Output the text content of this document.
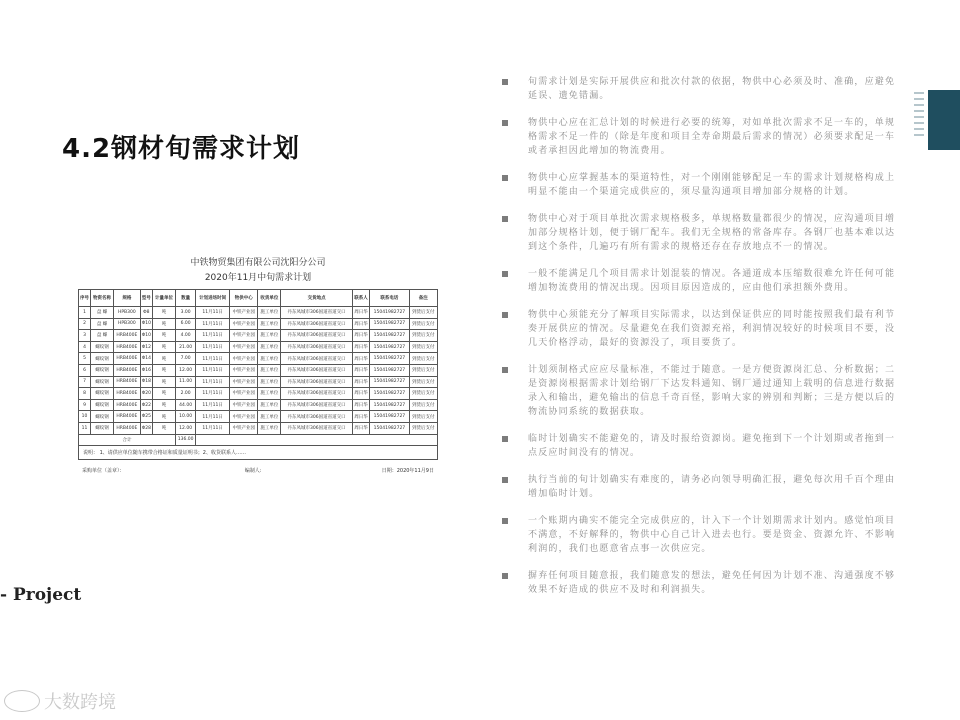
4.2钢材旬需求计划

中铁物贸集团有限公司沈阳分公司

2020年11月中旬需求计划

序号	物资名称	规格	型号	计量单位	数量	计划进场时间	物供中心	收货单位	交货地点	联系人	联系电话	备注
1	盘 螺	HPB300	Φ8	吨	3.00	11月11日	中铁产业园	施工单位	丹东凤城市306国道省道交口	周日华	15041982727	到货后支付
2	盘 螺	HPB300	Φ10	吨	6.00	11月11日	中铁产业园	施工单位	丹东凤城市306国道省道交口	周日华	15041982727	到货后支付
3	盘 螺	HRB400E	Φ10	吨	4.00	11月11日	中铁产业园	施工单位	丹东凤城市306国道省道交口	周日华	15041982727	到货后支付
4	螺纹钢	HRB400E	Φ12	吨	21.00	11月11日	中铁产业园	施工单位	丹东凤城市306国道省道交口	周日华	15041982727	到货后支付
5	螺纹钢	HRB400E	Φ14	吨	7.00	11月11日	中铁产业园	施工单位	丹东凤城市306国道省道交口	周日华	15041982727	到货后支付
6	螺纹钢	HRB400E	Φ16	吨	12.00	11月11日	中铁产业园	施工单位	丹东凤城市306国道省道交口	周日华	15041982727	到货后支付
7	螺纹钢	HRB400E	Φ18	吨	11.00	11月11日	中铁产业园	施工单位	丹东凤城市306国道省道交口	周日华	15041982727	到货后支付
8	螺纹钢	HRB400E	Φ20	吨	2.00	11月11日	中铁产业园	施工单位	丹东凤城市306国道省道交口	周日华	15041982727	到货后支付
9	螺纹钢	HRB400E	Φ22	吨	44.00	11月11日	中铁产业园	施工单位	丹东凤城市306国道省道交口	周日华	15041982727	到货后支付
10	螺纹钢	HRB400E	Φ25	吨	10.00	11月11日	中铁产业园	施工单位	丹东凤城市306国道省道交口	周日华	15041982727	到货后支付
11	螺纹钢	HRB400E	Φ28	吨	12.00	11月11日	中铁产业园	施工单位	丹东凤城市306国道省道交口	周日华	15041982727	到货后支付
合计					136.00							
说明： 1、请供应单位随车携带合格证和质量证明书；2、收货联系人……
采购单位（盖章）：	编制人:	日期：2020年11月9日
旬需求计划是实际开展供应和批次付款的依据，物供中心必须及时、准确，应避免延误、遗免错漏。
物供中心应在汇总计划的时候进行必要的统筹，对如单批次需求不足一车的，单规格需求不足一件的（除是年度和项目全寿命期最后需求的情况）必须要求配足一车或者承担因此增加的物流费用。
物供中心应掌握基本的渠道特性，对一个刚刚能够配足一车的需求计划规格构成上明显不能由一个渠道完成供应的，须尽量沟通项目增加部分规格的计划。
物供中心对于项目单批次需求规格极多，单规格数量都很少的情况，应沟通项目增加部分规格计划，便于钢厂配车。我们无全规格的常备库存。各钢厂也基本难以达到这个条件，几遍巧有所有需求的规格还存在存放地点不一的情况。
一般不能满足几个项目需求计划混装的情况。各通道成本压缩数很难允许任何可能增加物流费用的情况出现。因项目原因造成的，应由他们承担额外费用。
物供中心须能充分了解项目实际需求，以达到保证供应的同时能按照我们最有利节奏开展供应的情况。尽量避免在我们资源充裕，利润情况较好的时候项目不要，没几天价格浮动，最好的资源没了，项目要货了。
计划须制格式应应尽量标准，不能过于随意。一是方便资源岗汇总、分析数据；二是资源岗根据需求计划给钢厂下达发料通知、钢厂通过通知上载明的信息进行数据录入和输出，避免输出的信息千奇百怪，影响大家的辨别和判断；三是方便以后的物流协同系统的数据获取。
临时计划确实不能避免的，请及时报给资源岗。避免拖到下一个计划期或者拖到一点反应时间没有的情况。
执行当前的旬计划确实有难度的，请务必向领导明确汇报，避免每次用千百个理由增加临时计划。
一个账期内确实不能完全完成供应的，计入下一个计划期需求计划内。感觉怕项目不满意，不好解释的，物供中心自己计入进去也行。要是资金、资源允许、不影响利润的，我们也愿意省点事一次供应完。
摒弃任何项目随意报，我们随意发的想法，避免任何因为计划不准、沟通强度不够效果不好造成的供应不及时和利润损失。
- Project
大数跨境
